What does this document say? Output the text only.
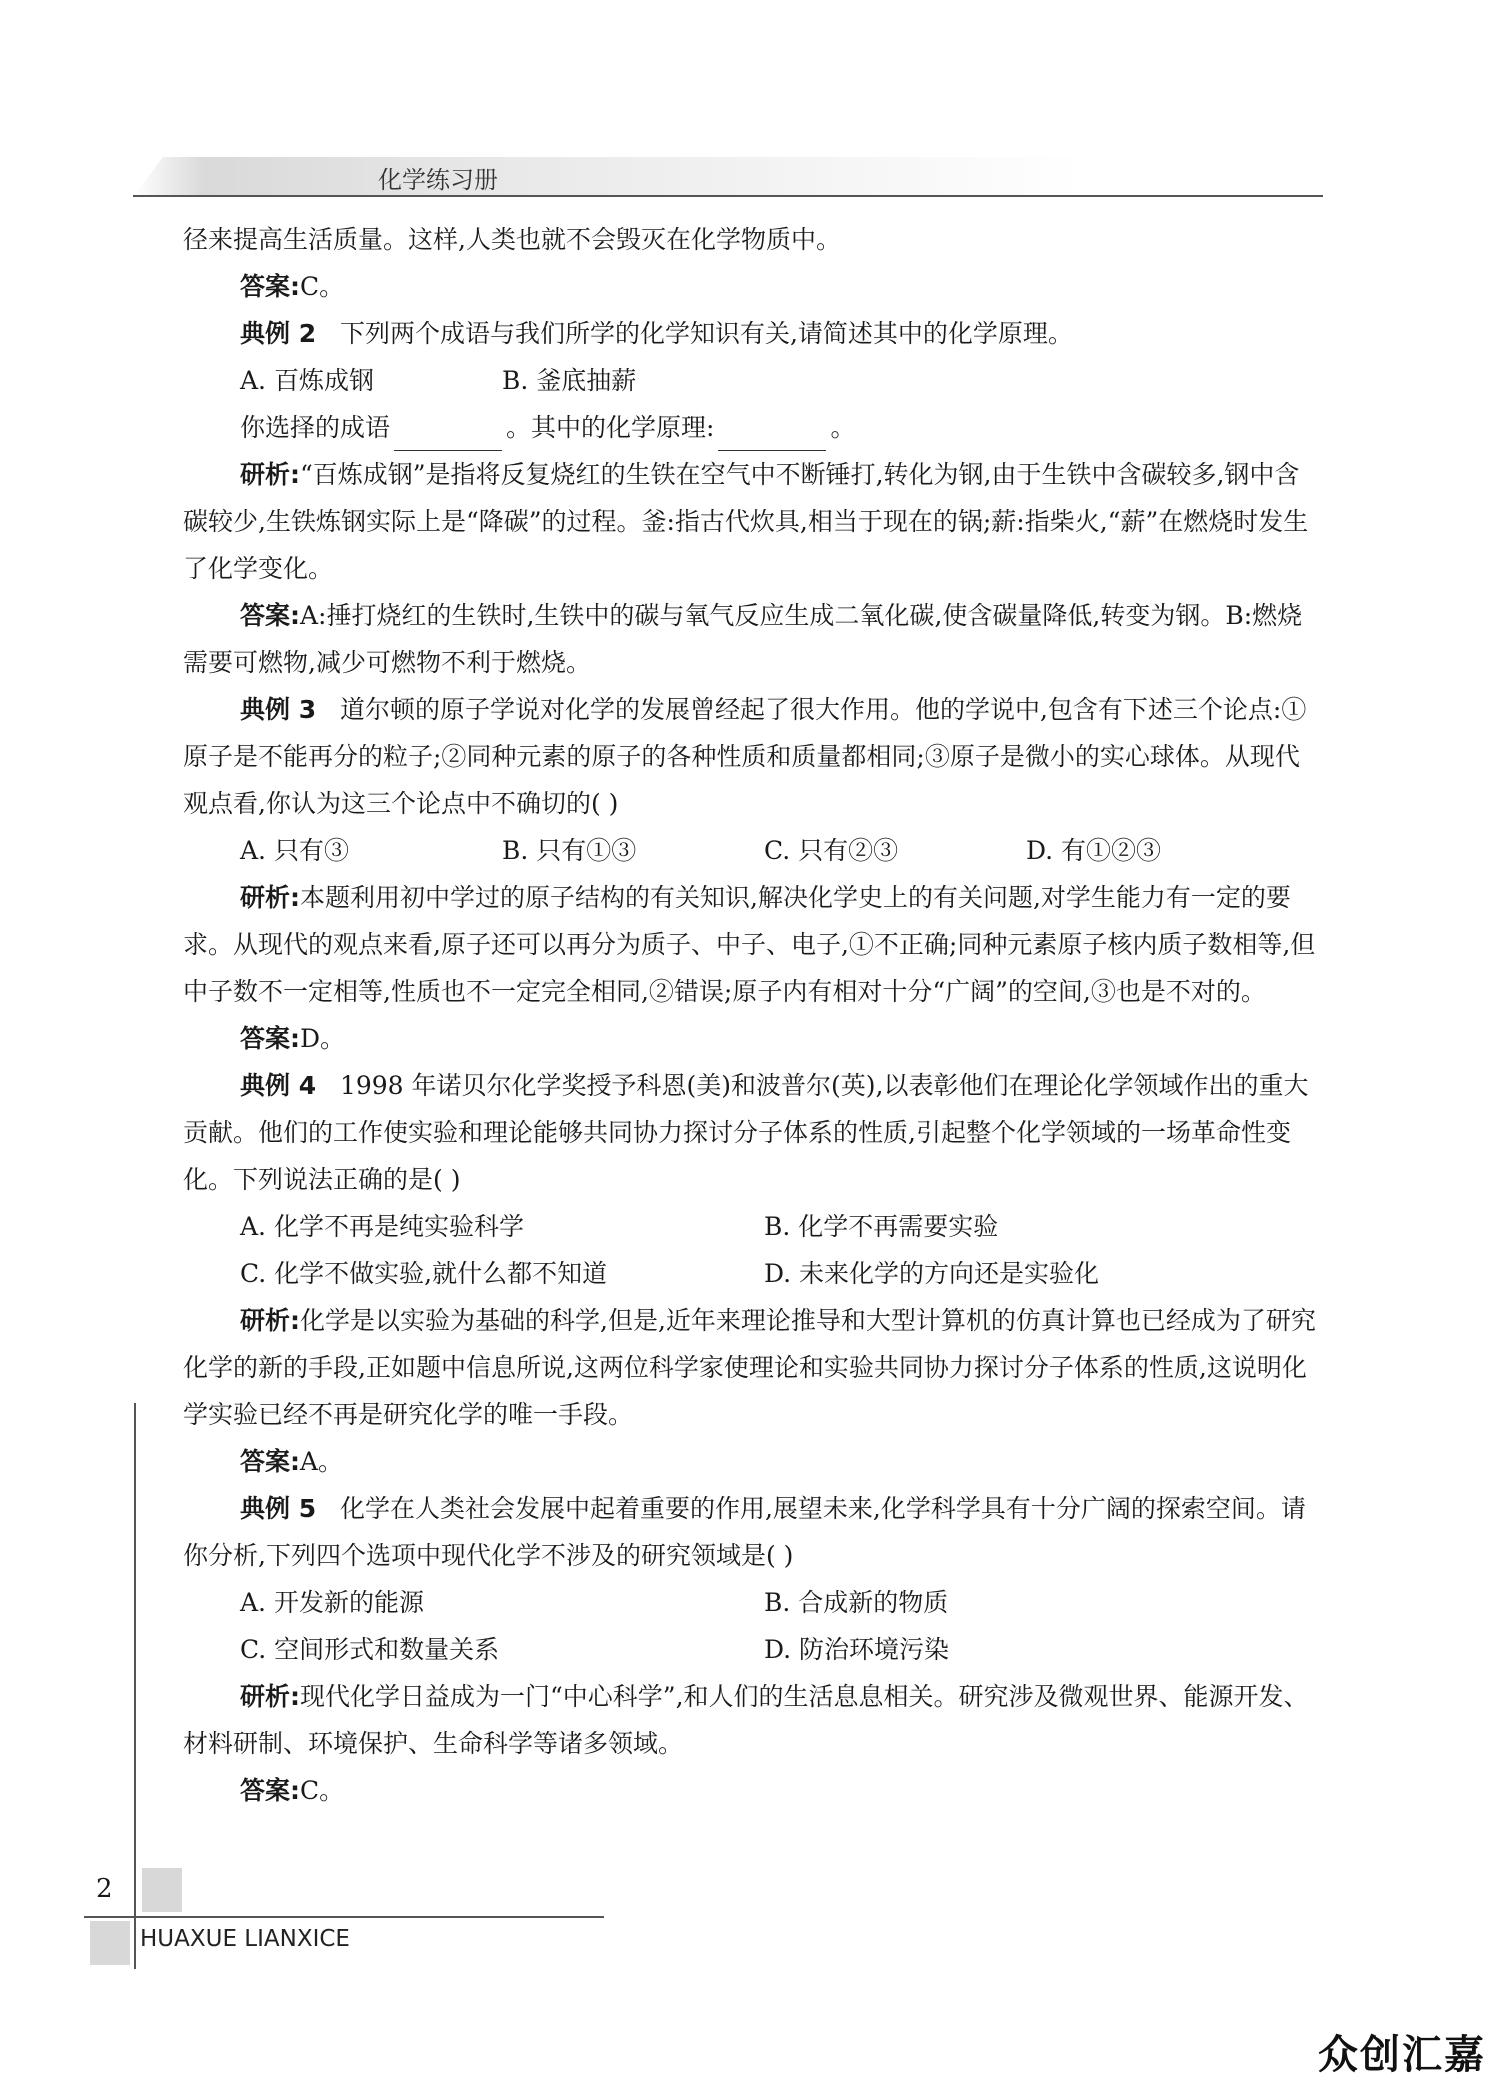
化学练习册

径来提高生活质量。这样,人类也就不会毁灭在化学物质中。

答案:C。

典例 2 下列两个成语与我们所学的化学知识有关,请简述其中的化学原理。

A. 百炼成钢	B. 釜底抽薪

你选择的成语	。其中的化学原理:	。

研析:“百炼成钢”是指将反复烧红的生铁在空气中不断锤打,转化为钢,由于生铁中含碳较多,钢中含碳较少,生铁炼钢实际上是“降碳”的过程。釜:指古代炊具,相当于现在的锅;薪:指柴火,“薪”在燃烧时发生了化学变化。

答案:A:捶打烧红的生铁时,生铁中的碳与氧气反应生成二氧化碳,使含碳量降低,转变为钢。B:燃烧需要可燃物,减少可燃物不利于燃烧。

典例 3 道尔顿的原子学说对化学的发展曾经起了很大作用。他的学说中,包含有下述三个论点:①原子是不能再分的粒子;②同种元素的原子的各种性质和质量都相同;③原子是微小的实心球体。从现代观点看,你认为这三个论点中不确切的( )

A. 只有③	B. 只有①③	C. 只有②③	D. 有①②③

研析:本题利用初中学过的原子结构的有关知识,解决化学史上的有关问题,对学生能力有一定的要求。从现代的观点来看,原子还可以再分为质子、中子、电子,①不正确;同种元素原子核内质子数相等,但中子数不一定相等,性质也不一定完全相同,②错误;原子内有相对十分“广阔”的空间,③也是不对的。

答案:D。

典例 4 1998 年诺贝尔化学奖授予科恩(美)和波普尔(英),以表彰他们在理论化学领域作出的重大贡献。他们的工作使实验和理论能够共同协力探讨分子体系的性质,引起整个化学领域的一场革命性变化。下列说法正确的是( )

A. 化学不再是纯实验科学	B. 化学不再需要实验
C. 化学不做实验,就什么都不知道	D. 未来化学的方向还是实验化

研析:化学是以实验为基础的科学,但是,近年来理论推导和大型计算机的仿真计算也已经成为了研究化学的新的手段,正如题中信息所说,这两位科学家使理论和实验共同协力探讨分子体系的性质,这说明化学实验已经不再是研究化学的唯一手段。

答案:A。

典例 5 化学在人类社会发展中起着重要的作用,展望未来,化学科学具有十分广阔的探索空间。请你分析,下列四个选项中现代化学不涉及的研究领域是( )

A. 开发新的能源	B. 合成新的物质
C. 空间形式和数量关系	D. 防治环境污染

研析:现代化学日益成为一门“中心科学”,和人们的生活息息相关。研究涉及微观世界、能源开发、材料研制、环境保护、生命科学等诸多领域。

答案:C。

2
HUAXUE LIANXICE
众创汇嘉
